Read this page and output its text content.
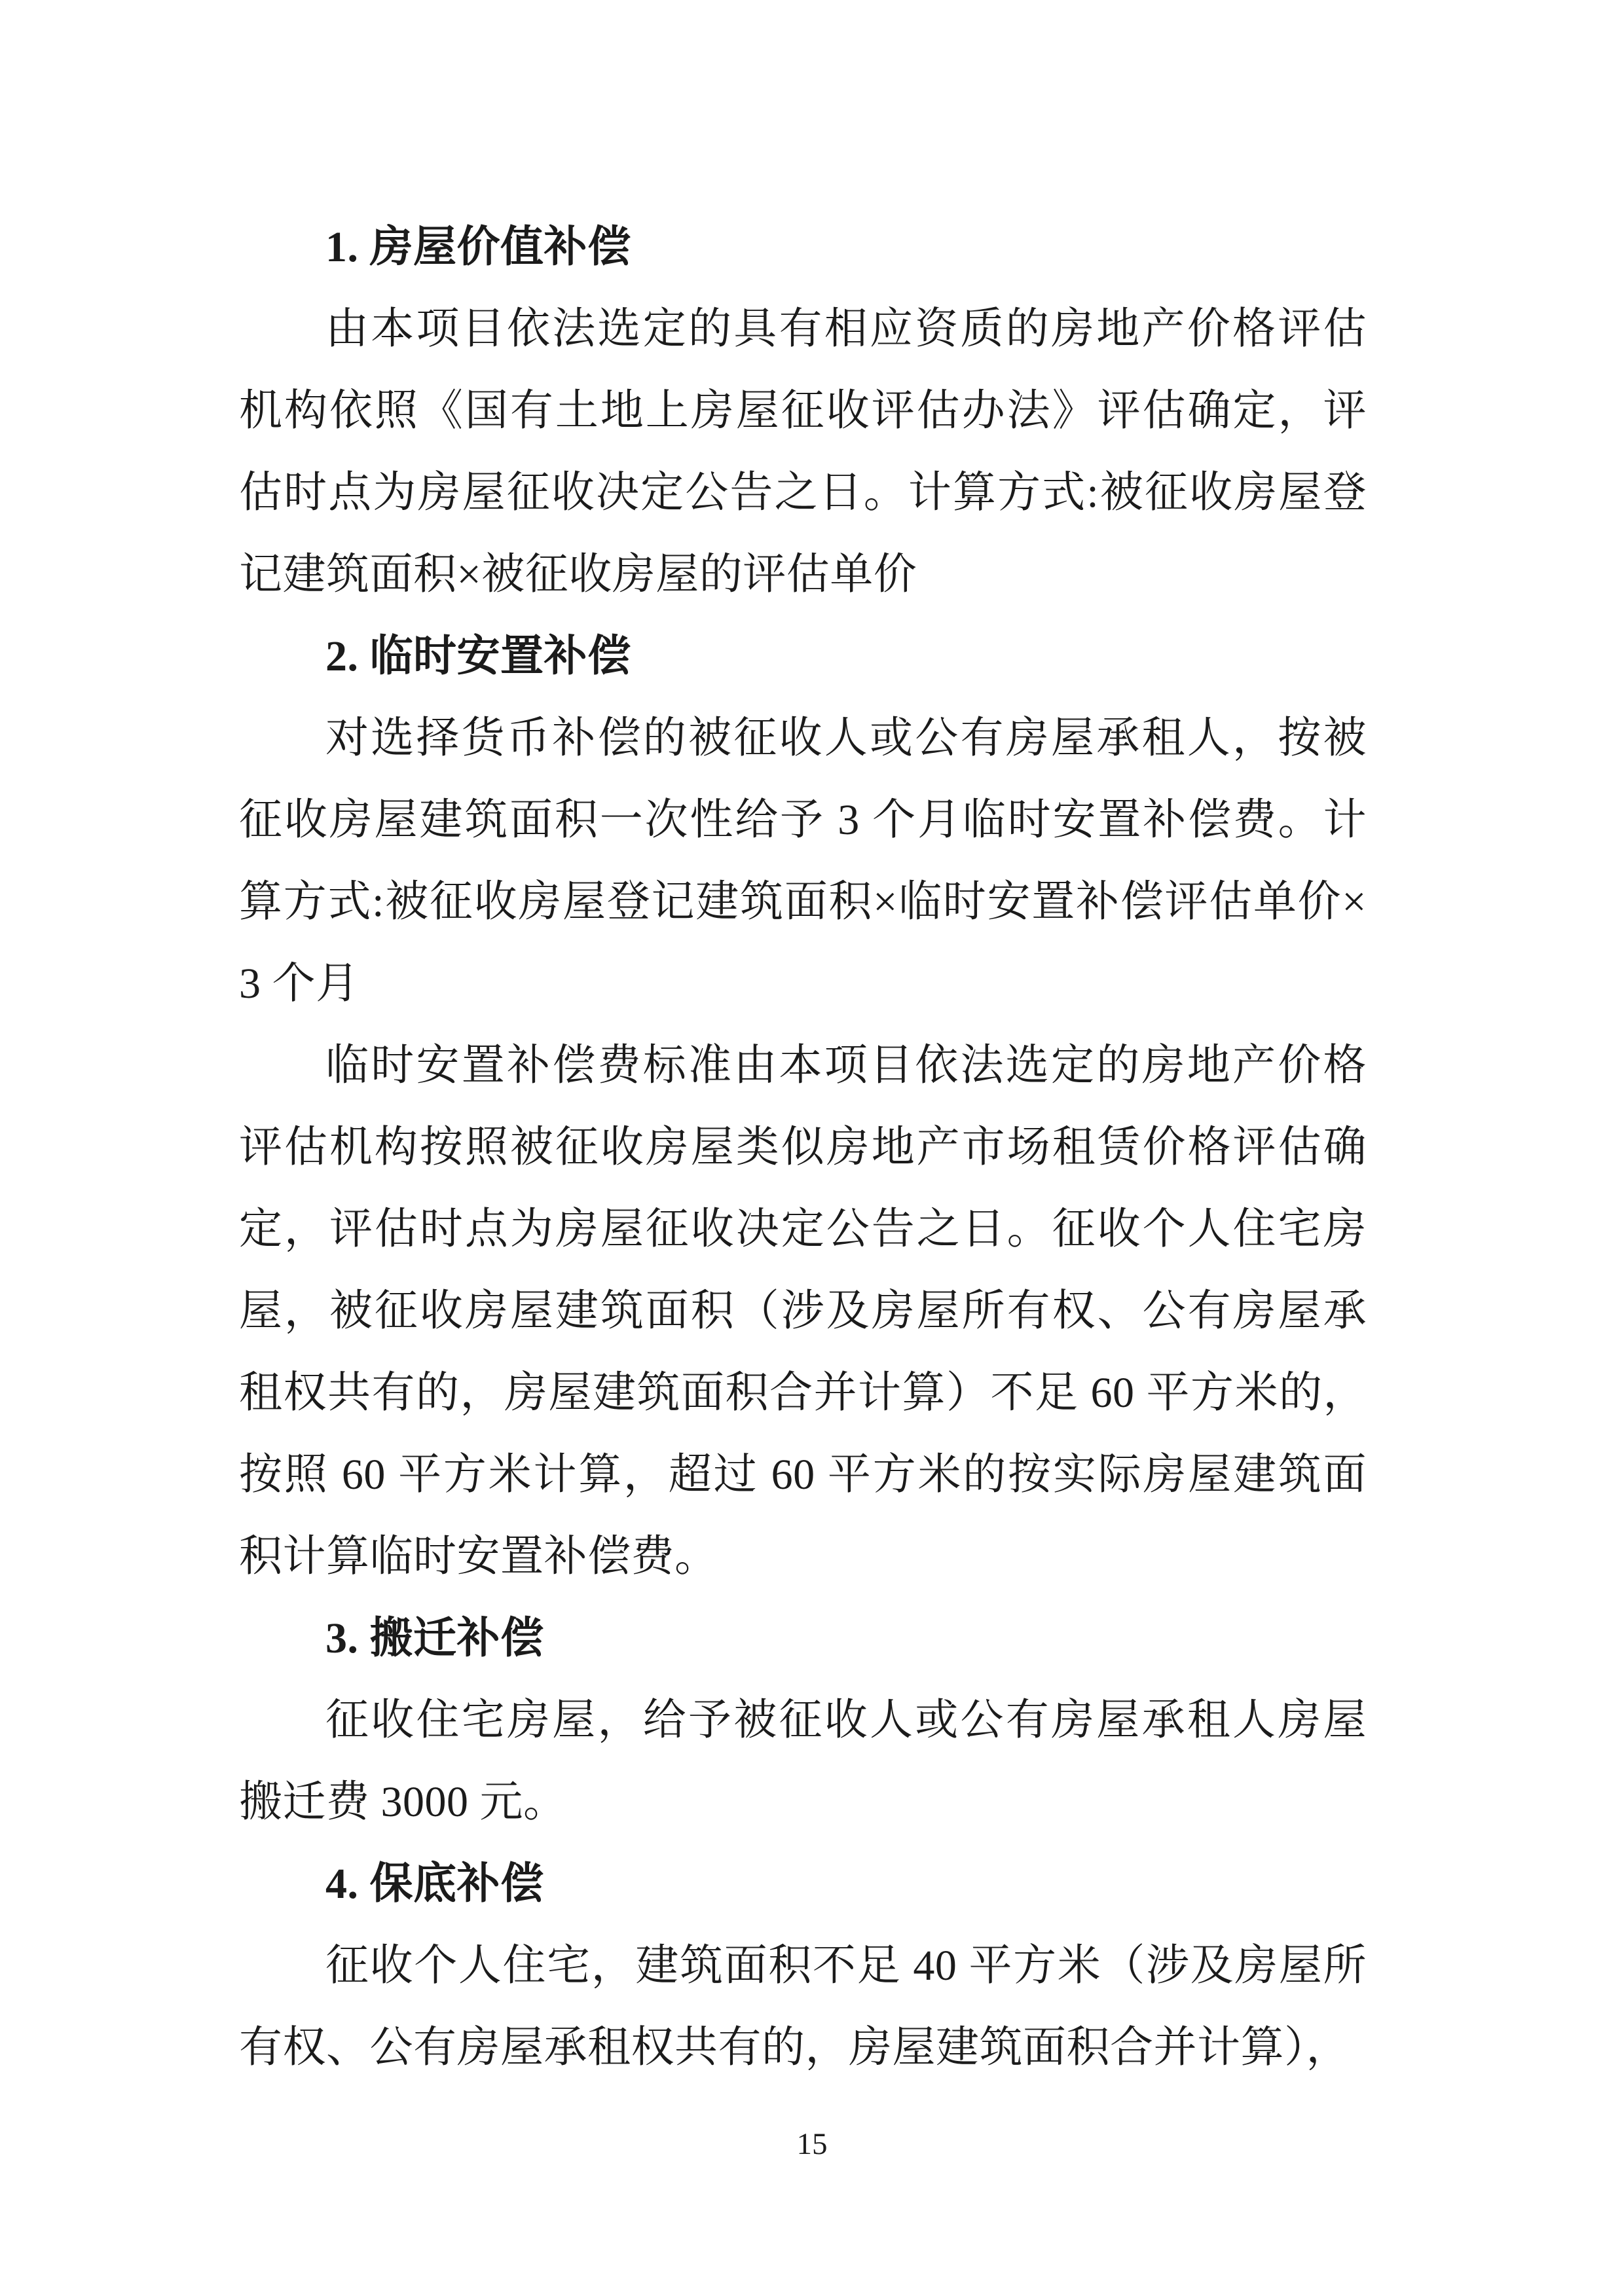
1. 房屋价值补偿

由本项目依法选定的具有相应资质的房地产价格评估机构依照《国有土地上房屋征收评估办法》评估确定，评估时点为房屋征收决定公告之日。计算方式:被征收房屋登记建筑面积×被征收房屋的评估单价

2. 临时安置补偿

对选择货币补偿的被征收人或公有房屋承租人，按被征收房屋建筑面积一次性给予 3 个月临时安置补偿费。计算方式:被征收房屋登记建筑面积×临时安置补偿评估单价× 3 个月

临时安置补偿费标准由本项目依法选定的房地产价格评估机构按照被征收房屋类似房地产市场租赁价格评估确定，评估时点为房屋征收决定公告之日。征收个人住宅房屋，被征收房屋建筑面积（涉及房屋所有权、公有房屋承租权共有的，房屋建筑面积合并计算）不足 60 平方米的，按照 60 平方米计算，超过 60 平方米的按实际房屋建筑面积计算临时安置补偿费。

3. 搬迁补偿

征收住宅房屋，给予被征收人或公有房屋承租人房屋搬迁费 3000 元。

4. 保底补偿

征收个人住宅，建筑面积不足 40 平方米（涉及房屋所有权、公有房屋承租权共有的，房屋建筑面积合并计算），

15
